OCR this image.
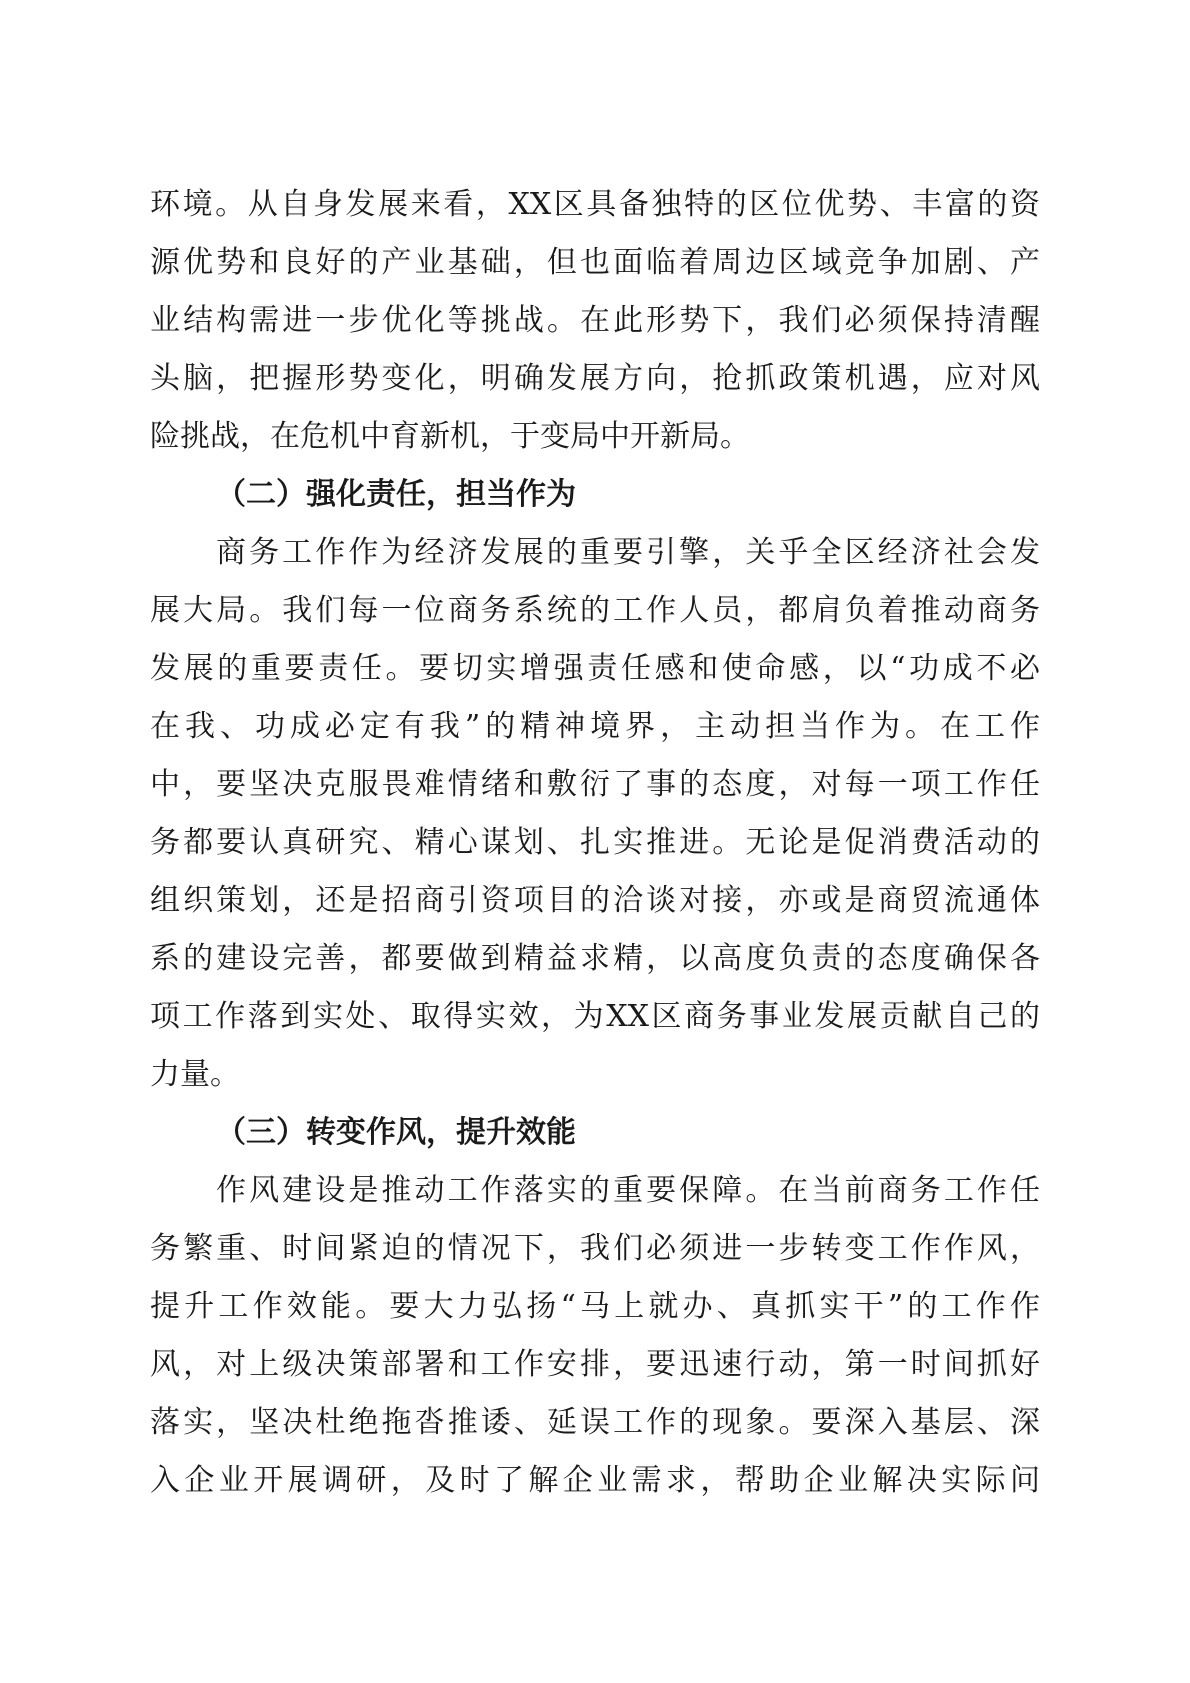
环境。从自身发展来看，XX区具备独特的区位优势、丰富的资
源优势和良好的产业基础，但也面临着周边区域竞争加剧、产
业结构需进一步优化等挑战。在此形势下，我们必须保持清醒
头脑，把握形势变化，明确发展方向，抢抓政策机遇，应对风
险挑战，在危机中育新机，于变局中开新局。
（二）强化责任，担当作为
商务工作作为经济发展的重要引擎，关乎全区经济社会发
展大局。我们每一位商务系统的工作人员，都肩负着推动商务
发展的重要责任。要切实增强责任感和使命感，以“功成不必
在我、功成必定有我”的精神境界，主动担当作为。在工作
中，要坚决克服畏难情绪和敷衍了事的态度，对每一项工作任
务都要认真研究、精心谋划、扎实推进。无论是促消费活动的
组织策划，还是招商引资项目的洽谈对接，亦或是商贸流通体
系的建设完善，都要做到精益求精，以高度负责的态度确保各
项工作落到实处、取得实效，为XX区商务事业发展贡献自己的
力量。
（三）转变作风，提升效能
作风建设是推动工作落实的重要保障。在当前商务工作任
务繁重、时间紧迫的情况下，我们必须进一步转变工作作风，
提升工作效能。要大力弘扬“马上就办、真抓实干”的工作作
风，对上级决策部署和工作安排，要迅速行动，第一时间抓好
落实，坚决杜绝拖沓推诿、延误工作的现象。要深入基层、深
入企业开展调研，及时了解企业需求，帮助企业解决实际问
